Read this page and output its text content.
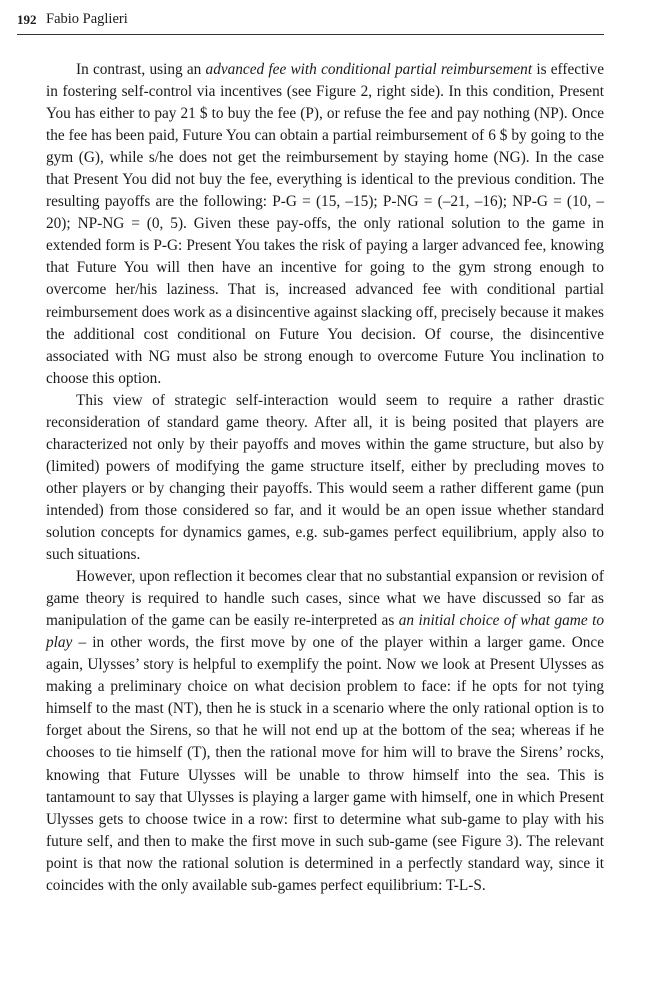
192 Fabio Paglieri

In contrast, using an advanced fee with conditional partial reimbursement is effective in fostering self-control via incentives (see Figure 2, right side). In this condition, Present You has either to pay 21 $ to buy the fee (P), or refuse the fee and pay nothing (NP). Once the fee has been paid, Future You can obtain a partial reimbursement of 6 $ by going to the gym (G), while s/he does not get the reimbursement by staying home (NG). In the case that Present You did not buy the fee, everything is identical to the previous condition. The resulting payoffs are the following: P-G = (15, –15); P-NG = (–21, –16); NP-G = (10, –20); NP-NG = (0, 5). Given these pay-offs, the only rational solution to the game in extended form is P-G: Present You takes the risk of paying a larger advanced fee, knowing that Future You will then have an incentive for going to the gym strong enough to overcome her/his laziness. That is, increased advanced fee with conditional partial reimbursement does work as a disincentive against slacking off, precisely because it makes the additional cost conditional on Future You decision. Of course, the disincentive associated with NG must also be strong enough to overcome Future You inclination to choose this option.

This view of strategic self-interaction would seem to require a rather drastic reconsideration of standard game theory. After all, it is being posited that players are characterized not only by their payoffs and moves within the game structure, but also by (limited) powers of modifying the game structure itself, either by precluding moves to other players or by changing their payoffs. This would seem a rather different game (pun intended) from those considered so far, and it would be an open issue whether standard solution concepts for dynamics games, e.g. sub-games perfect equilibrium, apply also to such situations.

However, upon reflection it becomes clear that no substantial expansion or revision of game theory is required to handle such cases, since what we have discussed so far as manipulation of the game can be easily re-interpreted as an initial choice of what game to play – in other words, the first move by one of the player within a larger game. Once again, Ulysses’ story is helpful to exemplify the point. Now we look at Present Ulysses as making a preliminary choice on what decision problem to face: if he opts for not tying himself to the mast (NT), then he is stuck in a scenario where the only rational option is to forget about the Sirens, so that he will not end up at the bottom of the sea; whereas if he chooses to tie himself (T), then the rational move for him will to brave the Sirens’ rocks, knowing that Future Ulysses will be unable to throw himself into the sea. This is tantamount to say that Ulysses is playing a larger game with himself, one in which Present Ulysses gets to choose twice in a row: first to determine what sub-game to play with his future self, and then to make the first move in such sub-game (see Figure 3). The relevant point is that now the rational solution is determined in a perfectly standard way, since it coincides with the only available sub-games perfect equilibrium: T-L-S.
